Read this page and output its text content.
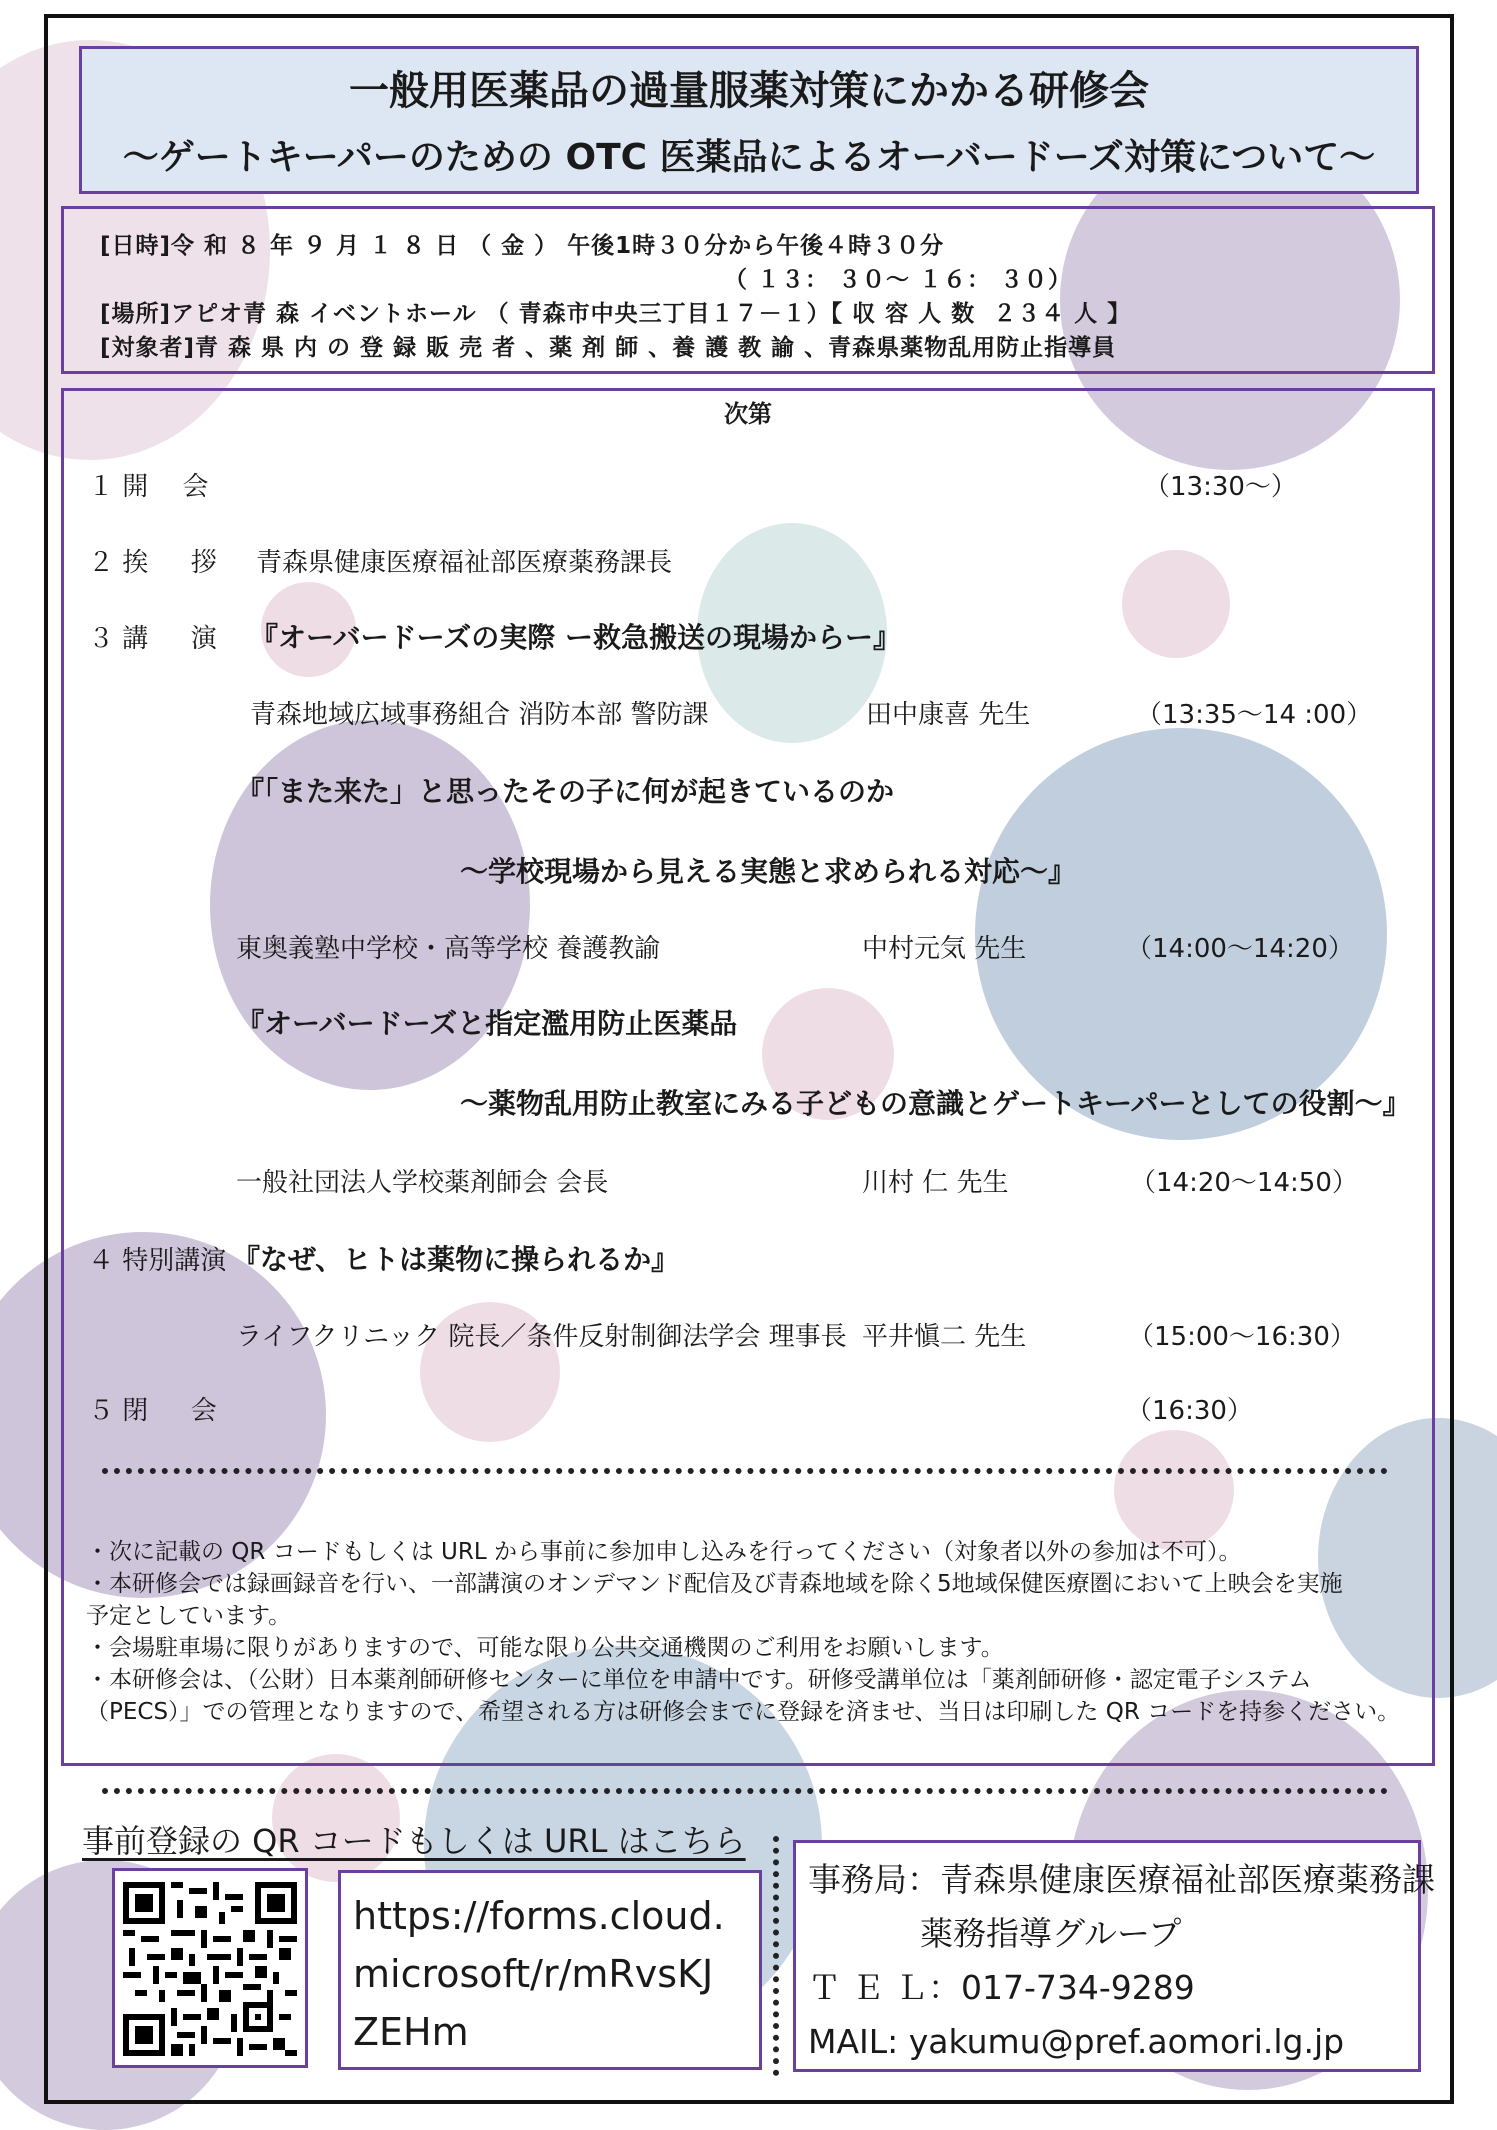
一般用医薬品の過量服薬対策にかかる研修会
～ゲートキーパーのための OTC 医薬品によるオーバードーズ対策について～
[日時]令 和 ８ 年 ９ 月 １ ８ 日 （ 金 ） 午後1時３０分から午後４時３０分
（ １３： ３０～ １６： ３０）
[場所]アピオ青 森 イベントホール （ 青森市中央三丁目１７－１）【 収 容 人 数  ２３４ 人 】
[対象者]青 森 県 内 の 登 録 販 売 者 、薬 剤 師 、養 護 教 諭 、青森県薬物乱用防止指導員
次第
１ 開　 会	（13:30～）
２ 挨 　 拶 青森県健康医療福祉部医療薬務課長
３ 講 　 演 『オーバードーズの実際 ー救急搬送の現場からー』
青森地域広域事務組合 消防本部 警防課	田中康喜 先生	（13:35～14 :00）
『「また来た」と思ったその子に何が起きているのか
～学校現場から見える実態と求められる対応～』
東奥義塾中学校・高等学校 養護教諭	中村元気 先生	（14:00～14:20）
『オーバードーズと指定濫用防止医薬品
～薬物乱用防止教室にみる子どもの意識とゲートキーパーとしての役割～』
一般社団法人学校薬剤師会 会長	川村 仁 先生	（14:20～14:50）
４ 特別講演 『なぜ、ヒトは薬物に操られるか』
ライフクリニック 院長／条件反射制御法学会 理事長 平井愼二 先生	（15:00～16:30）
５ 閉 　 会	（16:30）
・次に記載の QR コードもしくは URL から事前に参加申し込みを行ってください（対象者以外の参加は不可）。
・本研修会では録画録音を行い、一部講演のオンデマンド配信及び青森地域を除く5地域保健医療圏において上映会を実施
予定としています。
・会場駐車場に限りがありますので、可能な限り公共交通機関のご利用をお願いします。
・本研修会は、（公財）日本薬剤師研修センターに単位を申請中です。研修受講単位は「薬剤師研修・認定電子システム
（PECS）」での管理となりますので、希望される方は研修会までに登録を済ませ、当日は印刷した QR コードを持参ください。
事前登録の QR コードもしくは URL はこちら
https://forms.cloud.
microsoft/r/mRvsKJ
ZEHm
事務局：青森県健康医療福祉部医療薬務課
薬務指導グループ
Ｔ Ｅ Ｌ：017-734-9289
MAIL: yakumu@pref.aomori.lg.jp
